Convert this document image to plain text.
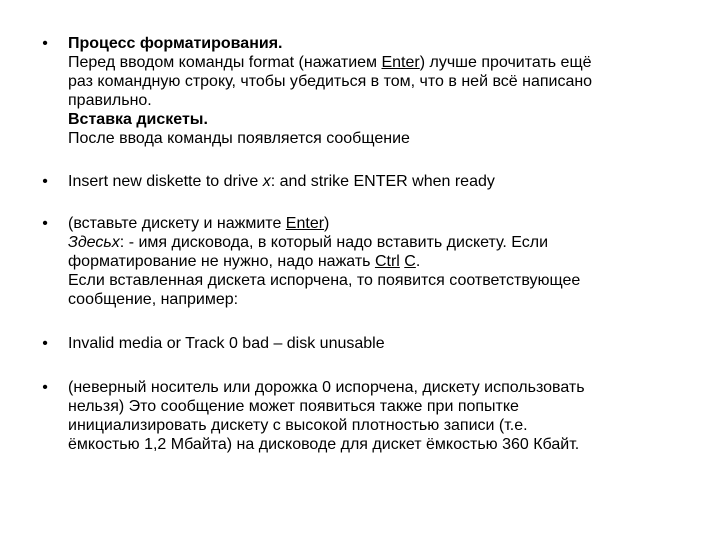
• Процесс форматирования.
Перед вводом команды format (нажатием Enter) лучше прочитать ещё
раз командную строку, чтобы убедиться в том, что в ней всё написано
правильно.
Вставка дискеты.
После ввода команды появляется сообщение
• Insert new diskette to drive x: and strike ENTER when ready
• (вставьте дискету и нажмите Enter)
Здесьх: - имя дисковода, в который надо вставить дискету. Если
форматирование не нужно, надо нажать Ctrl C.
Если вставленная дискета испорчена, то появится соответствующее
сообщение, например:
• Invalid media or Track 0 bad – disk unusable
• (неверный носитель или дорожка 0 испорчена, дискету использовать
нельзя) Это сообщение может появиться также при попытке
инициализировать дискету с высокой плотностью записи (т.е.
ёмкостью 1,2 Мбайта) на дисководе для дискет ёмкостью 360 Кбайт.
